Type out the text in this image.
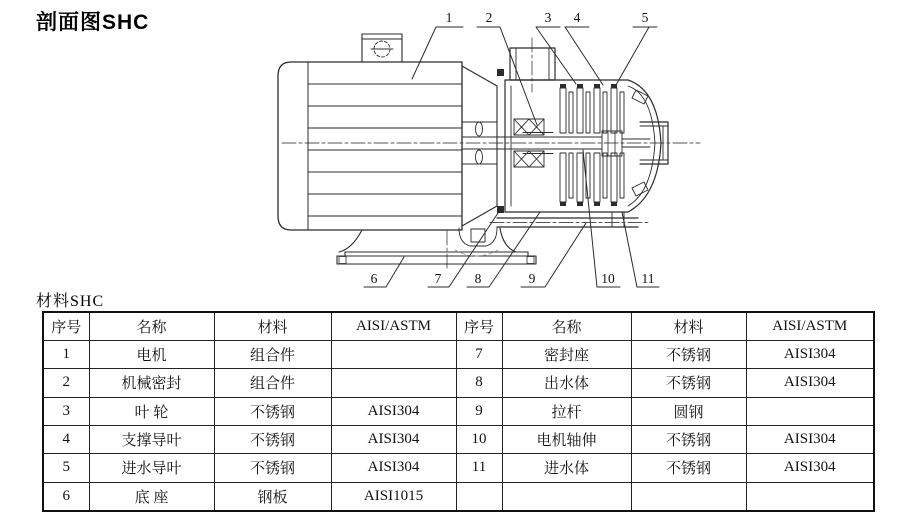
剖面图SHC	1 2	3 4	5
6	7 8	9	10 11
材料SHC
序号	名称	材料	AISI/ASTM	序号	名称	材料	AISI/ASTM
1	电机	组合件		7	密封座	不锈钢	AISI304
2	机械密封	组合件		8	出水体	不锈钢	AISI304
3	叶 轮	不锈钢	AISI304	9	拉杆	圆钢	
4	支撑导叶	不锈钢	AISI304	10	电机轴伸	不锈钢	AISI304
5	进水导叶	不锈钢	AISI304	11	进水体	不锈钢	AISI304
6	底 座	钢板	AISI1015				
